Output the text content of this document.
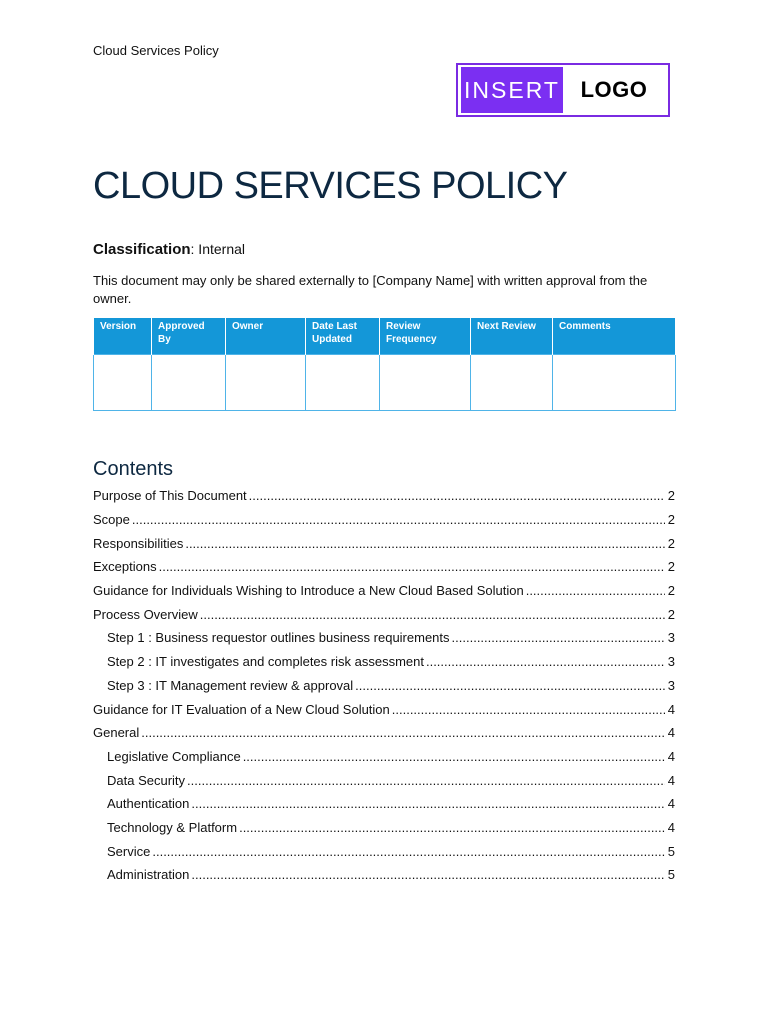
Cloud Services Policy
INSERT LOGO
CLOUD SERVICES POLICY
Classification: Internal
This document may only be shared externally to [Company Name] with written approval from the owner.
Version	Approved By	Owner	Date Last Updated	Review Frequency	Next Review	Comments

Contents
Purpose of This Document .....	2
Scope .....	2
Responsibilities .....	2
Exceptions .....	2
Guidance for Individuals Wishing to Introduce a New Cloud Based Solution .....	2
Process Overview .....	2
Step 1 : Business requestor outlines business requirements .....	3
Step 2 : IT investigates and completes risk assessment .....	3
Step 3 : IT Management review & approval .....	3
Guidance for IT Evaluation of a New Cloud Solution .....	4
General .....	4
Legislative Compliance .....	4
Data Security .....	4
Authentication .....	4
Technology & Platform .....	4
Service .....	5
Administration .....	5
